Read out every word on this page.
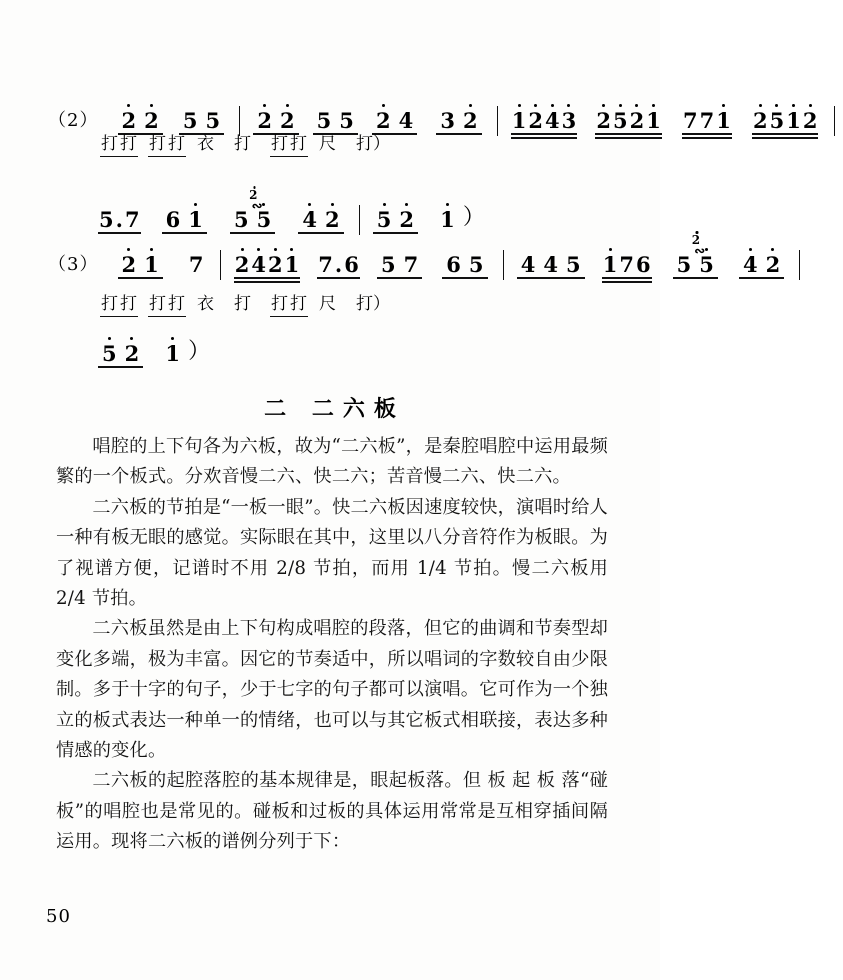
（2） 2 2 5 5 2 2 5 5 2 4 3 2 1243 2521 771 2512

打 打 打 打 衣 打 打 打 尺 打）
5.7 6 1 5 5
2
∾
4 2 5 2 1 ）
（3） 2 1 7 2421 7.6 5 7 6 5 4 4 5 176 5 5
2
∾
4 2

打 打 打 打 衣 打 打 打 尺 打）
5 2 1 ）
二 二六板

唱腔的上下句各为六板，故为“二六板”，是秦腔唱腔中运用最频繁的一个板式。分欢音慢二六、快二六；苦音慢二六、快二六。

二六板的节拍是“一板一眼”。快二六板因速度较快，演唱时给人一种有板无眼的感觉。实际眼在其中，这里以八分音符作为板眼。为了视谱方便，记谱时不用 2/8 节拍，而用 1/4 节拍。慢二六板用 2/4 节拍。

二六板虽然是由上下句构成唱腔的段落，但它的曲调和节奏型却变化多端，极为丰富。因它的节奏适中，所以唱词的字数较自由少限制。多于十字的句子，少于七字的句子都可以演唱。它可作为一个独立的板式表达一种单一的情绪，也可以与其它板式相联接，表达多种情感的变化。

二六板的起腔落腔的基本规律是，眼起板落。但 板 起 板 落“碰板”的唱腔也是常见的。碰板和过板的具体运用常常是互相穿插间隔运用。现将二六板的谱例分列于下：

50
